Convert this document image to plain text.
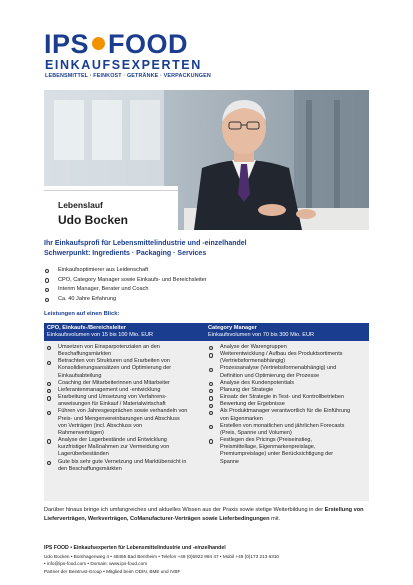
IPS FOOD
EINKAUFSEXPERTEN
LEBENSMITTEL · FEINKOST · GETRÄNKE · VERPACKUNGEN
Lebenslauf
Udo Bocken
Ihr Einkaufsprofi für Lebensmittelindustrie und -einzelhandel
Schwerpunkt: Ingredients · Packaging · Services
Einkaufsoptimierer aus Leidenschaft
CPO, Category Manager sowie Einkaufs- und Bereichsleiter
Interim Manager, Berater und Coach
Ca. 40 Jahre Erfahrung
Leistungen auf einen Blick:
CPO, Einkaufs-/Bereichsleiter
Einkaufsvolumen von 15 bis 100 Mio. EUR
Category Manager
Einkaufsvolumen von 70 bis 300 Mio. EUR
Umsetzen von Einsparpotenzialen an den
Beschaffungsmärkten
Betrachten von Strukturen und Erarbeiten von
Konsolidierungsansätzen und Optimierung der
Einkaufsabteilung
Coaching der Mitarbeiterinnen und Mitarbeiter
Lieferantenmanagement und -entwicklung
Erarbeitung und Umsetzung von Verfahrens-
anweisungen für Einkauf / Materialwirtschaft
Führen von Jahresgesprächen sowie verhandeln von
Preis- und Mengenvereinbarungen und Abschluss
von Verträgen (incl. Abschluss von
Rahmenverträgen)
Analyse der Lagerbestände und Entwicklung
kurzfristiger Maßnahmen zur Vermeidung von
Lagerüberbeständen
Gute bis sehr gute Vernetzung und Marktübersicht in
den Beschaffungsmärkten
Analyse der Warengruppen
Weiterentwicklung / Aufbau des Produktsortiments
(Vertriebsformenabhängig)
Prozessanalyse (Vertriebsformenabhängig) und
Definition und Optimierung der Prozesse
Analyse des Kundenpotentials
Planung der Strategie
Einsatz der Strategie in Test- und Kontrollbetrieben
Bewertung der Ergebnisse
Als Produktmanager verantwortlich für die Einführung
von Eigenmarken
Erstellen von monatlichen und jährlichen Forecasts
(Preis, Spanne und Volumen)
Festlegen des Pricings (Preiseinstieg,
Preismittellage, Eigenmarkenpreislage,
Premiumpreislage) unter Berücksichtigung der
Spanne
Darüber hinaus bringe ich umfangreiches und aktuelles Wissen aus der Praxis sowie stetige Weiterbildung in der Erstellung von Lieferverträgen, Werkverträgen, CoManufacturer-Verträgen sowie Lieferbedingungen mit.
IPS FOOD • Einkaufsexperten für Lebensmittelindustrie und -einzelhandel
Udo Bocken • Bomhagenweg 4 • 48455 Bad Bentheim • Telefon +49 (0)5922 994 47 • Mobil +49 (0)173 213 6310
• info@ips-food.com • Domain: www.ips-food.com
Partner der Beintrust-Group • Mitglied beim ODIN, BME und IVBF
